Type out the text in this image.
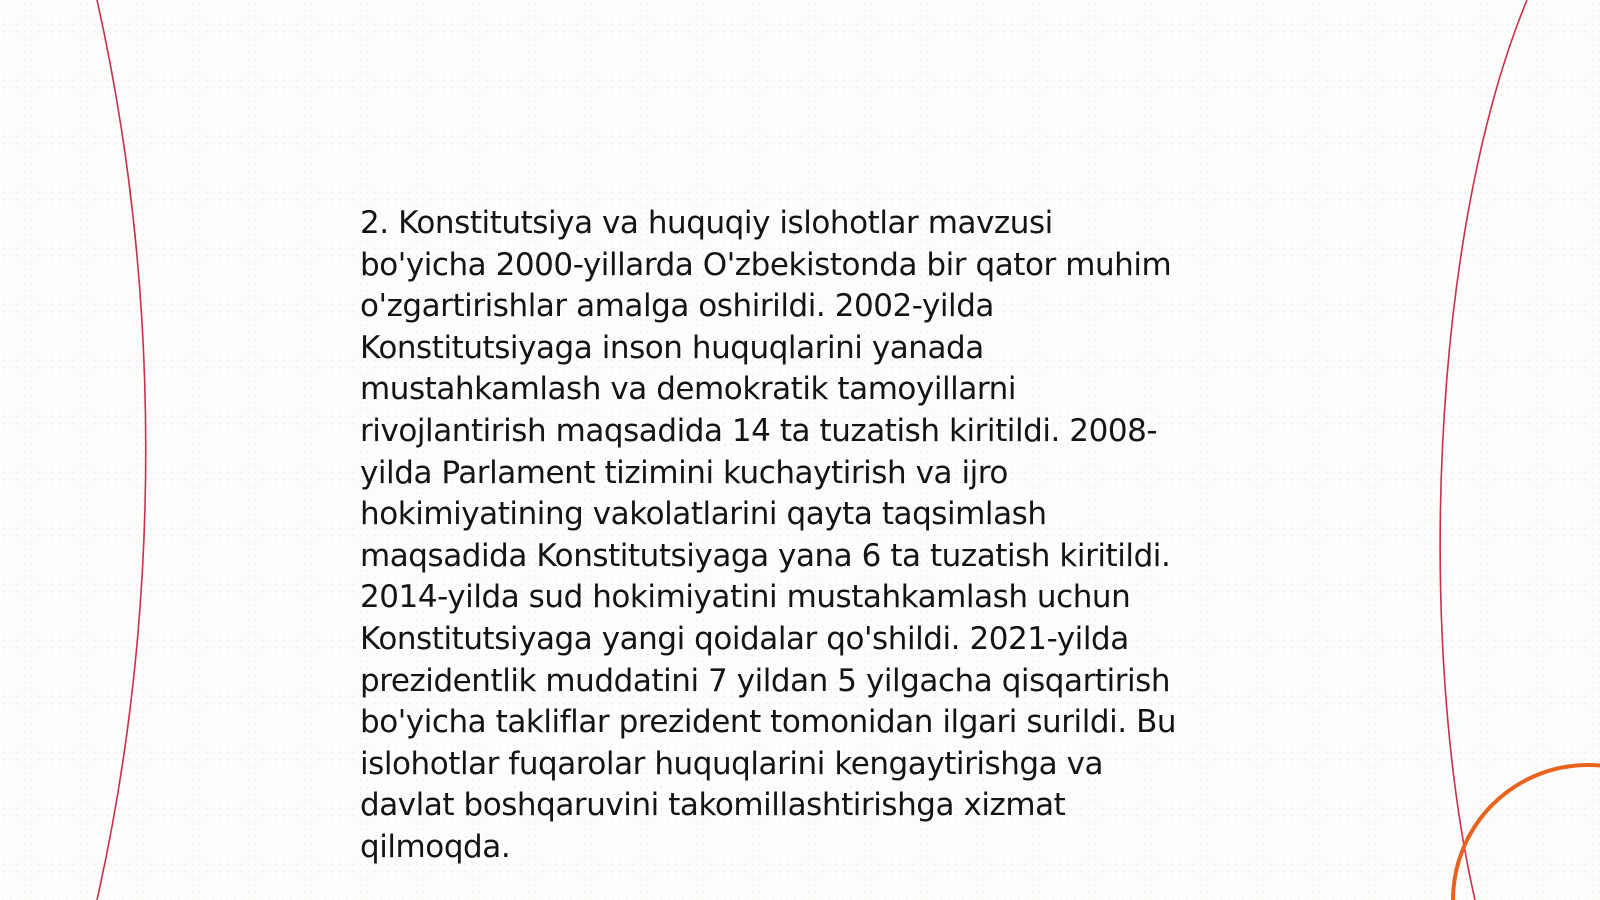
2. Konstitutsiya va huquqiy islohotlar mavzusi
bo'yicha 2000-yillarda O'zbekistonda bir qator muhim
o'zgartirishlar amalga oshirildi. 2002-yilda
Konstitutsiyaga inson huquqlarini yanada
mustahkamlash va demokratik tamoyillarni
rivojlantirish maqsadida 14 ta tuzatish kiritildi. 2008-
yilda Parlament tizimini kuchaytirish va ijro
hokimiyatining vakolatlarini qayta taqsimlash
maqsadida Konstitutsiyaga yana 6 ta tuzatish kiritildi.
2014-yilda sud hokimiyatini mustahkamlash uchun
Konstitutsiyaga yangi qoidalar qo'shildi. 2021-yilda
prezidentlik muddatini 7 yildan 5 yilgacha qisqartirish
bo'yicha takliflar prezident tomonidan ilgari surildi. Bu
islohotlar fuqarolar huquqlarini kengaytirishga va
davlat boshqaruvini takomillashtirishga xizmat
qilmoqda.
